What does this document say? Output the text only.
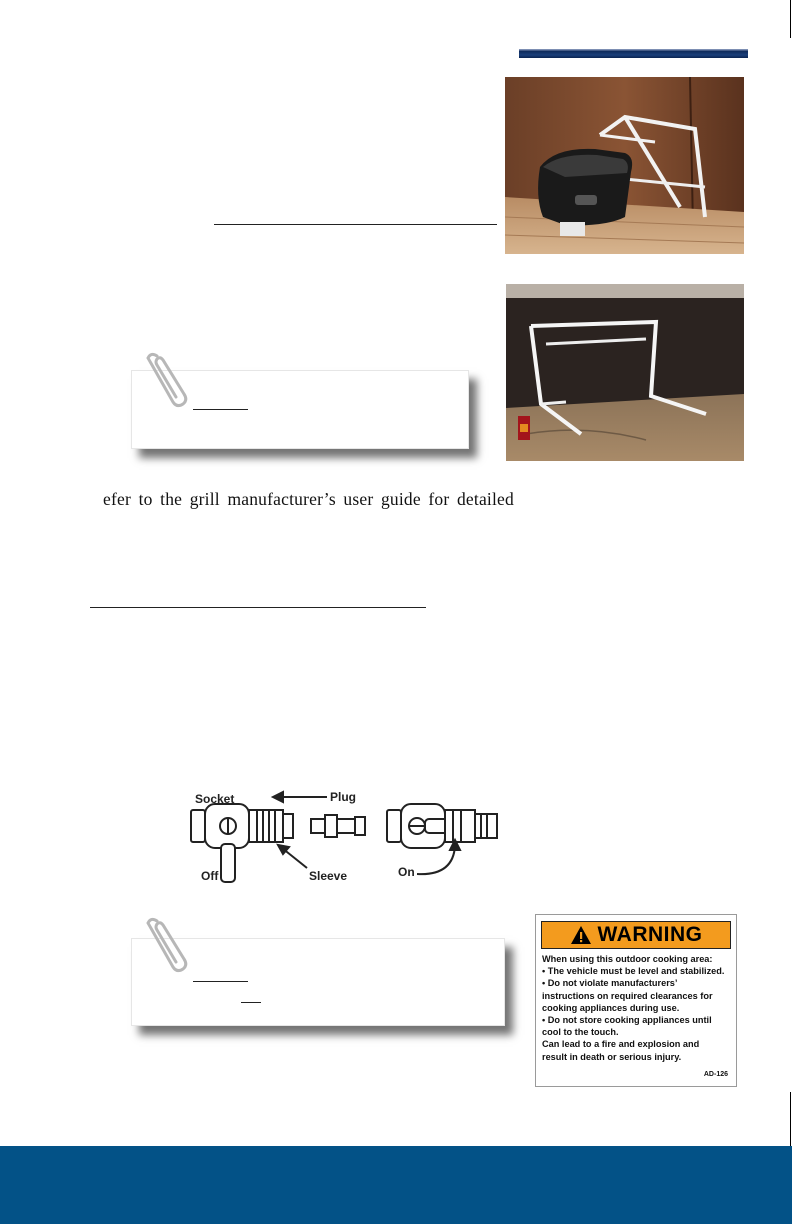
efer to the grill manufacturer’s user guide for detailed
Socket	Plug
Off	Sleeve	On
WARNING
When using this outdoor cooking area:
• The vehicle must be level and stabilized.
• Do not violate manufacturers’
instructions on required clearances for
cooking appliances during use.
• Do not store cooking appliances until
cool to the touch.
Can lead to a fire and explosion and
result in death or serious injury.
AD-126
